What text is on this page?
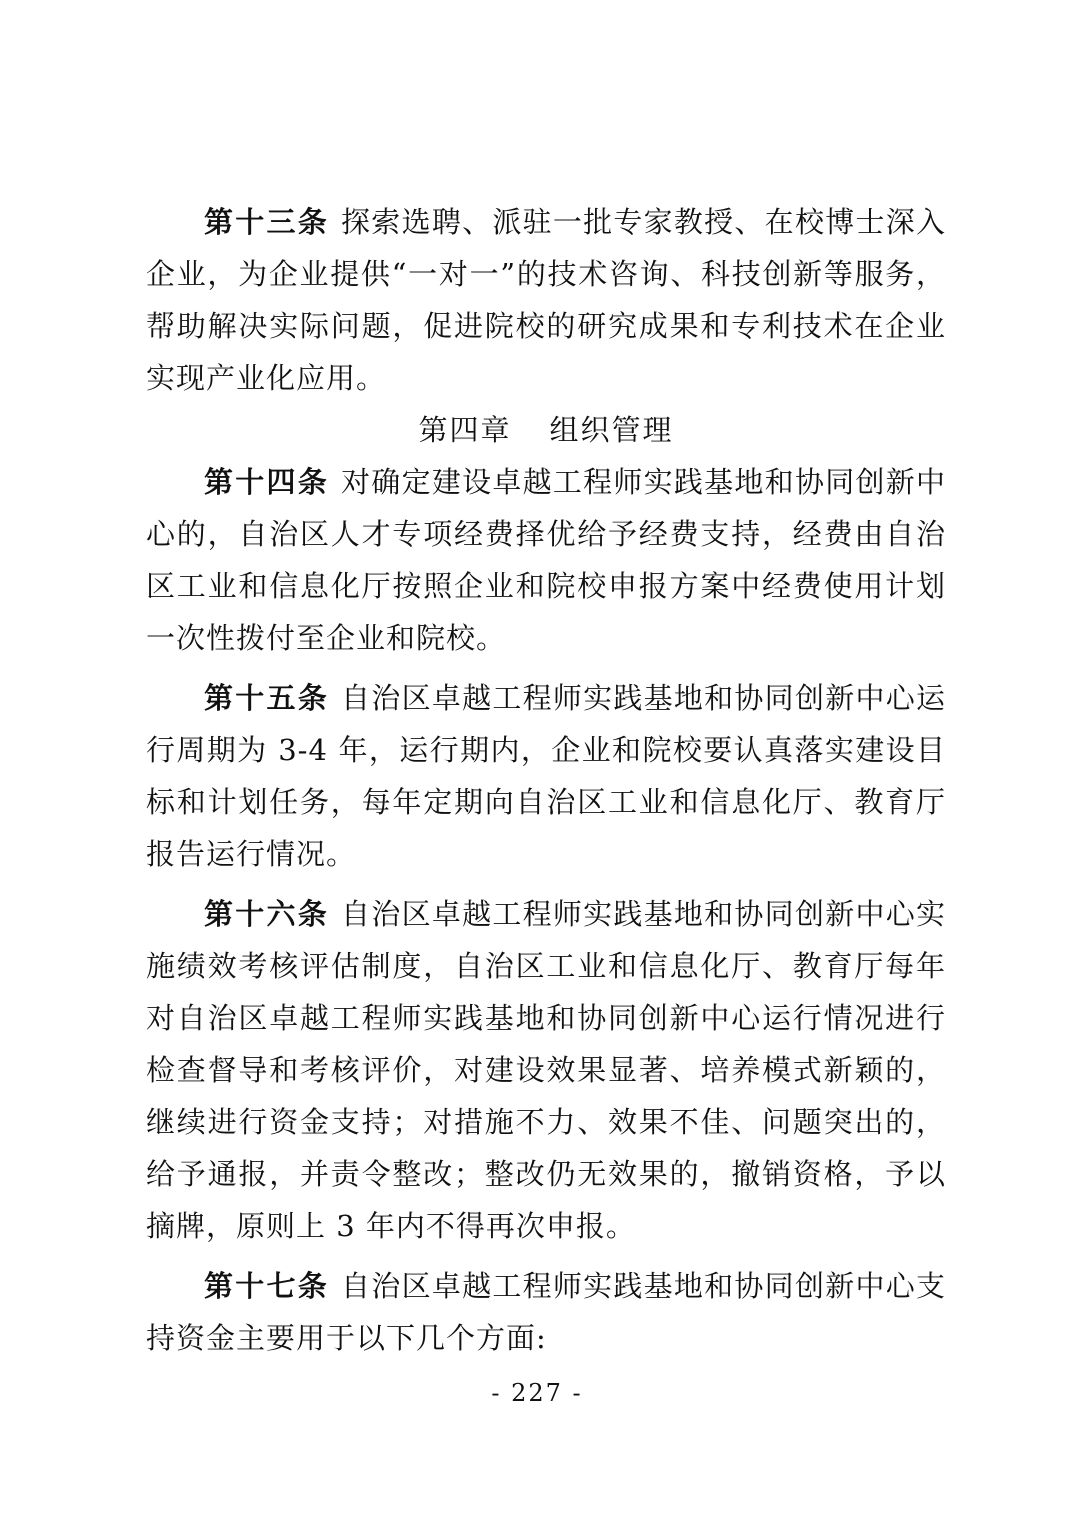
第十三条 探索选聘、派驻一批专家教授、在校博士深入企业，为企业提供“一对一”的技术咨询、科技创新等服务，帮助解决实际问题，促进院校的研究成果和专利技术在企业实现产业化应用。

第四章 组织管理

第十四条 对确定建设卓越工程师实践基地和协同创新中心的，自治区人才专项经费择优给予经费支持，经费由自治区工业和信息化厅按照企业和院校申报方案中经费使用计划一次性拨付至企业和院校。

第十五条 自治区卓越工程师实践基地和协同创新中心运行周期为 3-4 年，运行期内，企业和院校要认真落实建设目标和计划任务，每年定期向自治区工业和信息化厅、教育厅报告运行情况。

第十六条 自治区卓越工程师实践基地和协同创新中心实施绩效考核评估制度，自治区工业和信息化厅、教育厅每年对自治区卓越工程师实践基地和协同创新中心运行情况进行检查督导和考核评价，对建设效果显著、培养模式新颖的，继续进行资金支持；对措施不力、效果不佳、问题突出的，给予通报，并责令整改；整改仍无效果的，撤销资格，予以摘牌，原则上 3 年内不得再次申报。

第十七条 自治区卓越工程师实践基地和协同创新中心支持资金主要用于以下几个方面:

- 227 -
